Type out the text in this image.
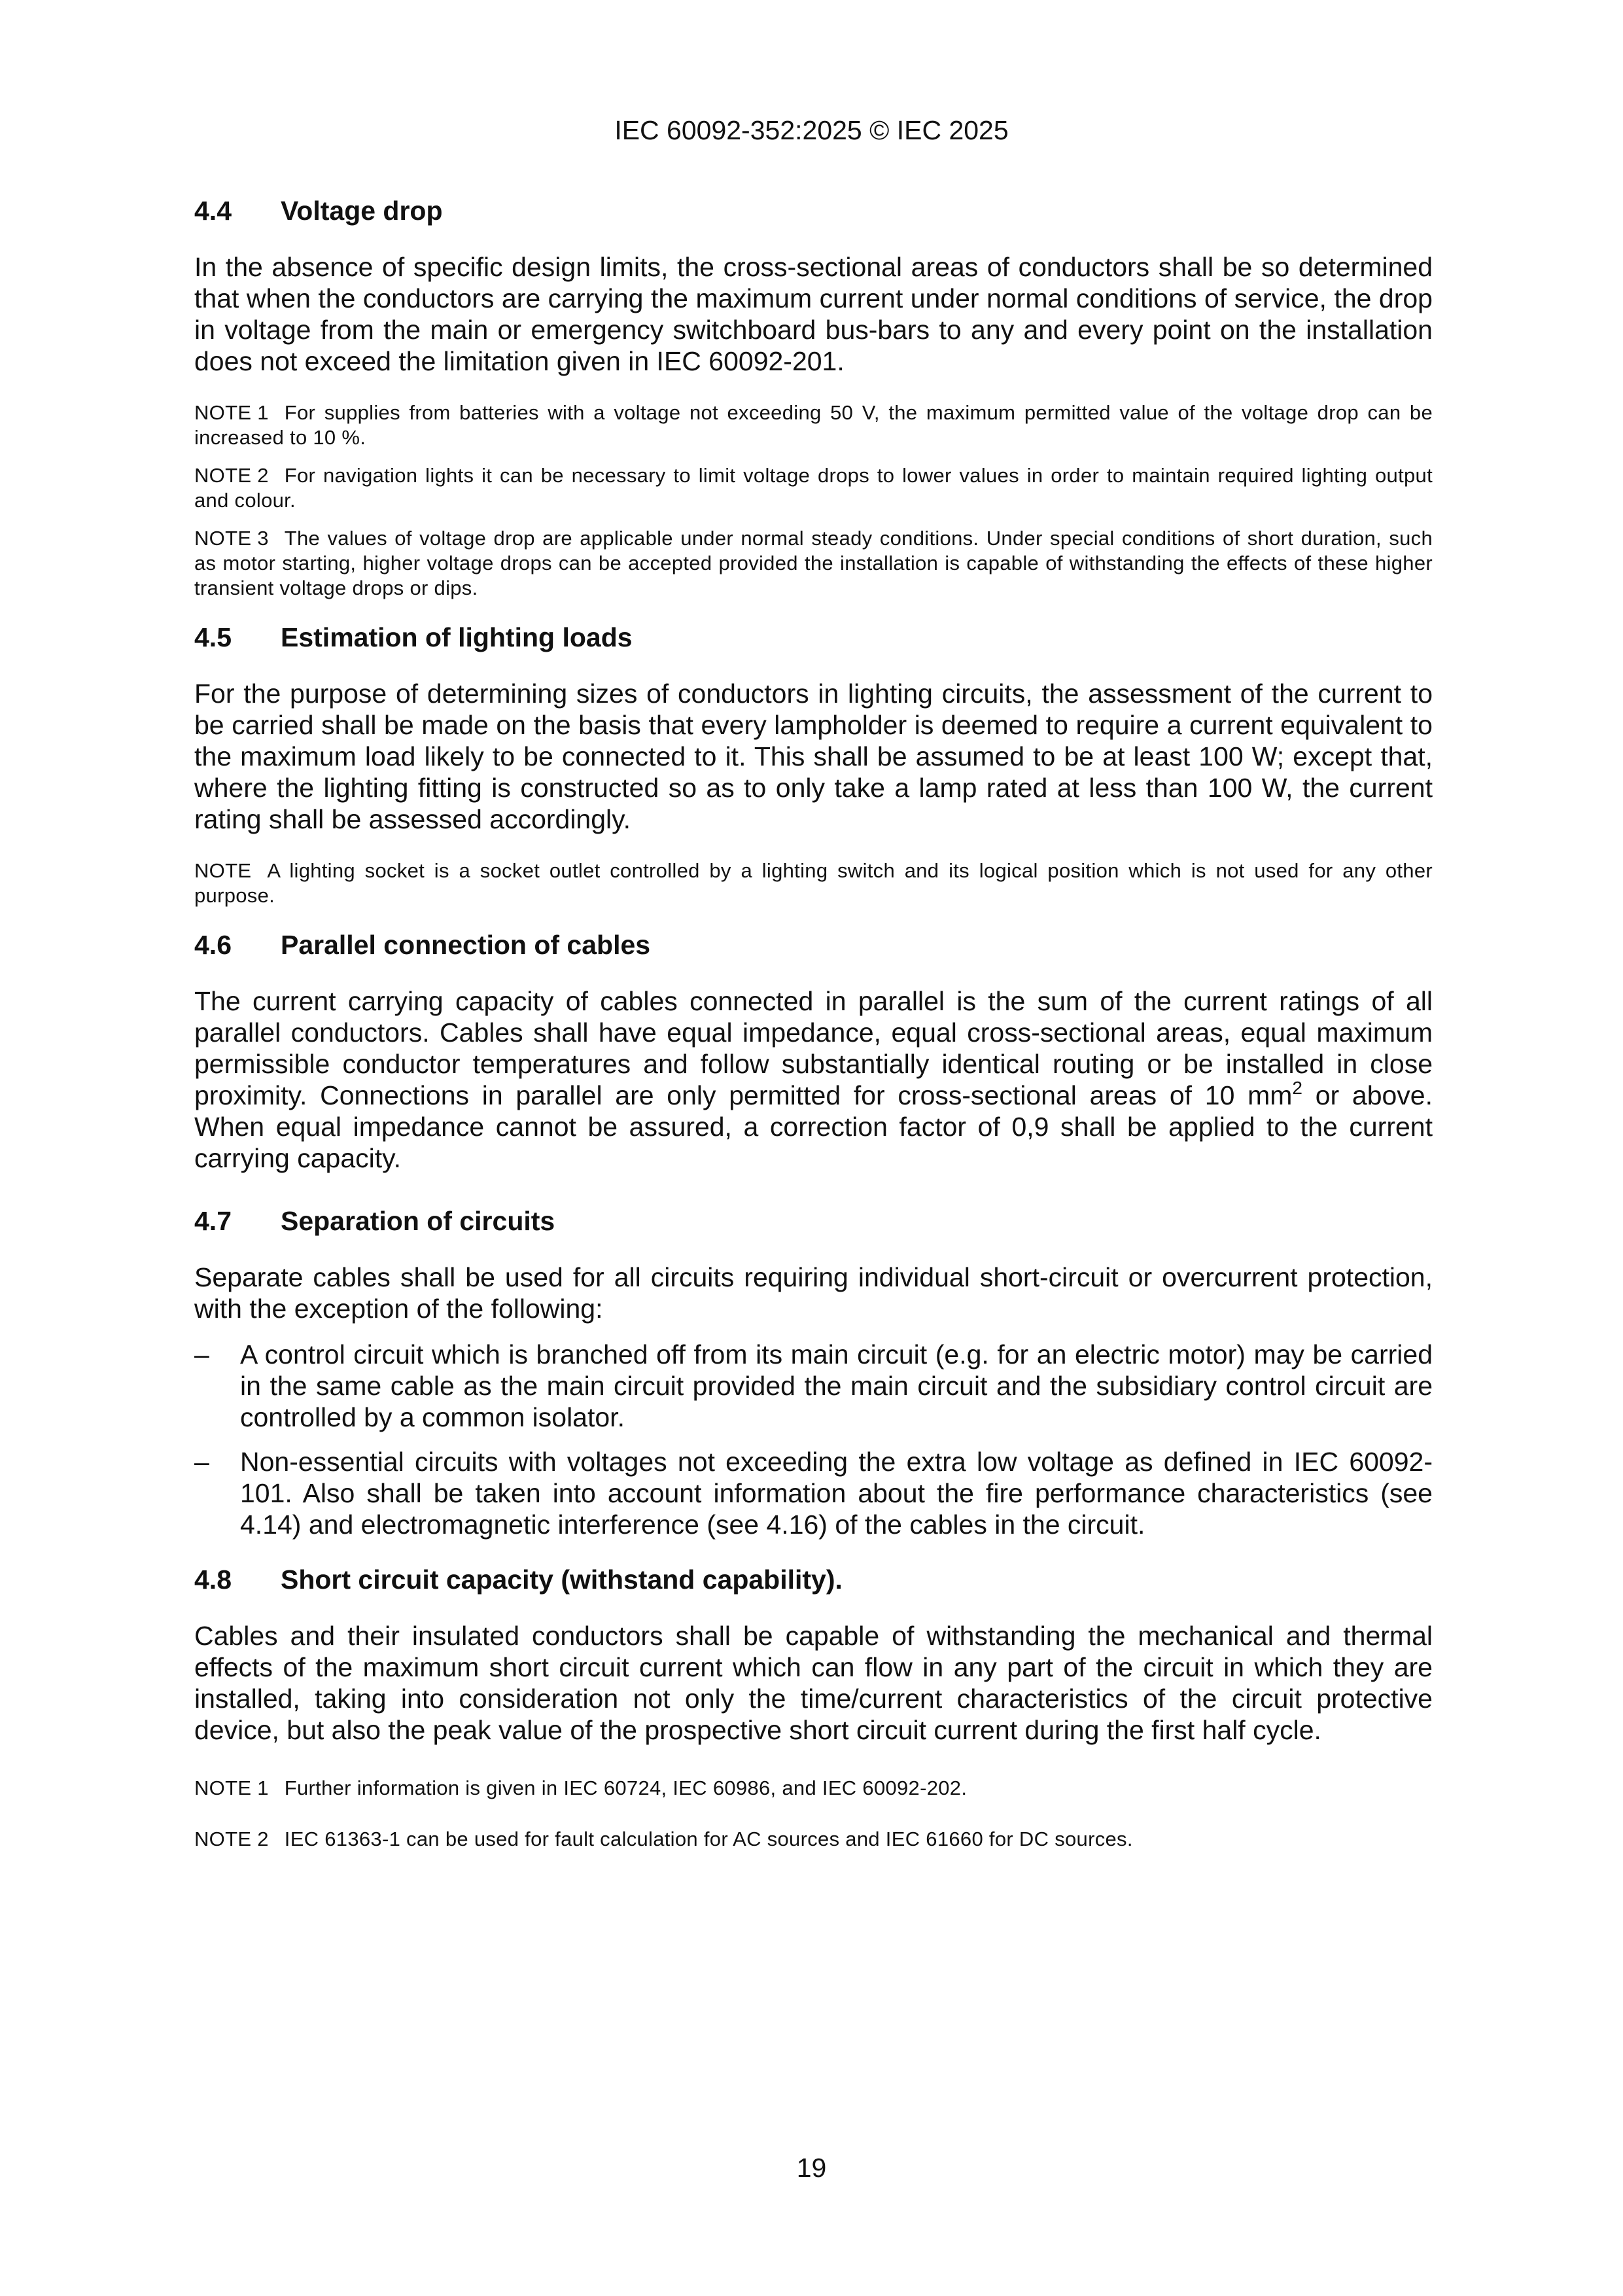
IEC 60092-352:2025 © IEC 2025
4.4 Voltage drop

In the absence of specific design limits, the cross-sectional areas of conductors shall be so determined that when the conductors are carrying the maximum current under normal conditions of service, the drop in voltage from the main or emergency switchboard bus-bars to any and every point on the installation does not exceed the limitation given in IEC 60092-201.

NOTE 1 For supplies from batteries with a voltage not exceeding 50 V, the maximum permitted value of the voltage drop can be increased to 10 %.

NOTE 2 For navigation lights it can be necessary to limit voltage drops to lower values in order to maintain required lighting output and colour.

NOTE 3 The values of voltage drop are applicable under normal steady conditions. Under special conditions of short duration, such as motor starting, higher voltage drops can be accepted provided the installation is capable of withstanding the effects of these higher transient voltage drops or dips.

4.5 Estimation of lighting loads

For the purpose of determining sizes of conductors in lighting circuits, the assessment of the current to be carried shall be made on the basis that every lampholder is deemed to require a current equivalent to the maximum load likely to be connected to it. This shall be assumed to be at least 100 W; except that, where the lighting fitting is constructed so as to only take a lamp rated at less than 100 W, the current rating shall be assessed accordingly.

NOTE A lighting socket is a socket outlet controlled by a lighting switch and its logical position which is not used for any other purpose.

4.6 Parallel connection of cables

The current carrying capacity of cables connected in parallel is the sum of the current ratings of all parallel conductors. Cables shall have equal impedance, equal cross-sectional areas, equal maximum permissible conductor temperatures and follow substantially identical routing or be installed in close proximity. Connections in parallel are only permitted for cross-sectional areas of 10 $mm^2$ or above. When equal impedance cannot be assured, a correction factor of 0,9 shall be applied to the current carrying capacity.

4.7 Separation of circuits

Separate cables shall be used for all circuits requiring individual short-circuit or overcurrent protection, with the exception of the following:

– A control circuit which is branched off from its main circuit (e.g. for an electric motor) may be carried in the same cable as the main circuit provided the main circuit and the subsidiary control circuit are controlled by a common isolator.
– Non-essential circuits with voltages not exceeding the extra low voltage as defined in IEC 60092-101. Also shall be taken into account information about the fire performance characteristics (see 4.14) and electromagnetic interference (see 4.16) of the cables in the circuit.
4.8 Short circuit capacity (withstand capability).

Cables and their insulated conductors shall be capable of withstanding the mechanical and thermal effects of the maximum short circuit current which can flow in any part of the circuit in which they are installed, taking into consideration not only the time/current characteristics of the circuit protective device, but also the peak value of the prospective short circuit current during the first half cycle.

NOTE 1 Further information is given in IEC 60724, IEC 60986, and IEC 60092-202.

NOTE 2 IEC 61363-1 can be used for fault calculation for AC sources and IEC 61660 for DC sources.

19
